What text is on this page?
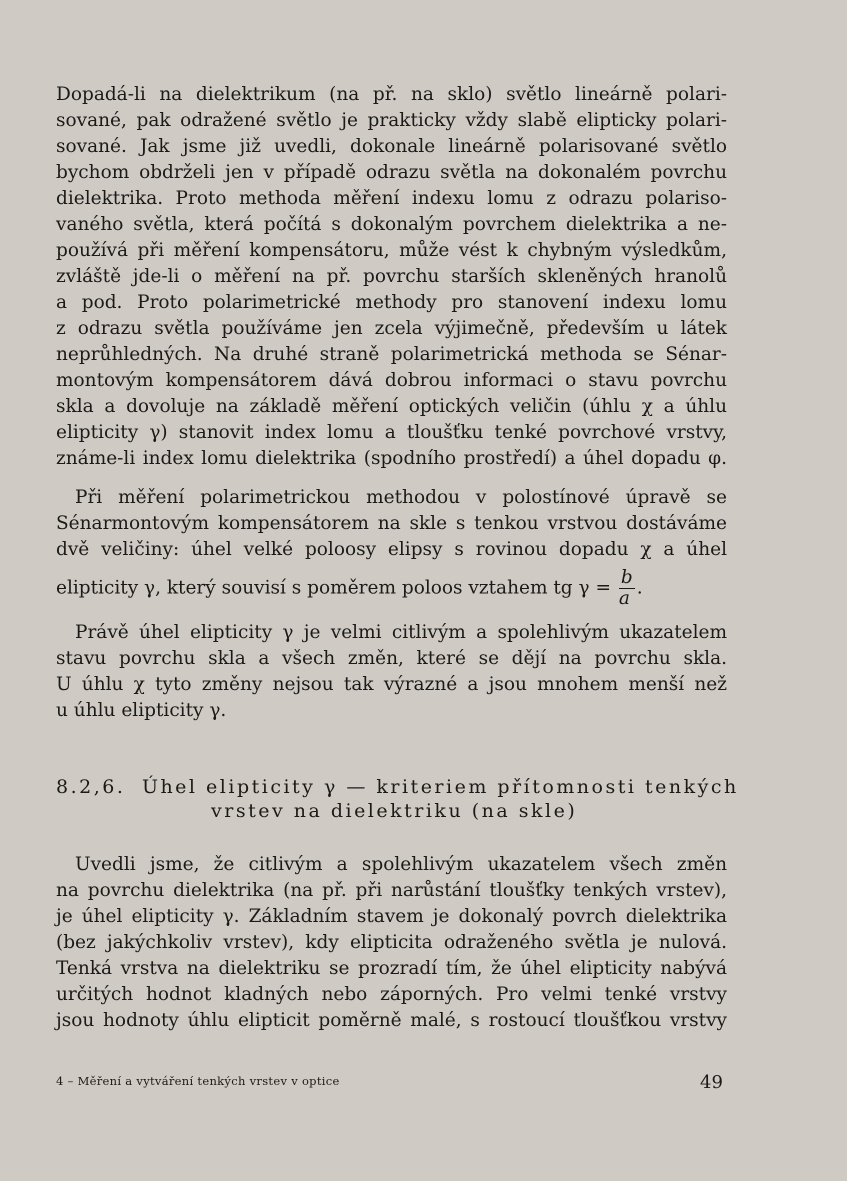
Dopadá-li na dielektrikum (na př. na sklo) světlo lineárně polari-

sované, pak odražené světlo je prakticky vždy slabě elipticky polari-

sované. Jak jsme již uvedli, dokonale lineárně polarisované světlo

bychom obdrželi jen v případě odrazu světla na dokonalém povrchu

dielektrika. Proto methoda měření indexu lomu z odrazu polariso-

vaného světla, která počítá s dokonalým povrchem dielektrika a ne-

používá při měření kompensátoru, může vést k chybným výsledkům,

zvláště jde-li o měření na př. povrchu starších skleněných hranolů

a pod. Proto polarimetrické methody pro stanovení indexu lomu

z odrazu světla používáme jen zcela výjimečně, především u látek

neprůhledných. Na druhé straně polarimetrická methoda se Sénar-

montovým kompensátorem dává dobrou informaci o stavu povrchu

skla a dovoluje na základě měření optických veličin (úhlu χ a úhlu

elipticity γ) stanovit index lomu a tloušťku tenké povrchové vrstvy,

známe-li index lomu dielektrika (spodního prostředí) a úhel dopadu φ.

Při měření polarimetrickou methodou v polostínové úpravě se

Sénarmontovým kompensátorem na skle s tenkou vrstvou dostáváme

dvě veličiny: úhel velké poloosy elipsy s rovinou dopadu χ a úhel

elipticity γ, který souvisí s poměrem poloos vztahem tg $\gamma = \frac{b}{a}$ .

Právě úhel elipticity γ je velmi citlivým a spolehlivým ukazatelem

stavu povrchu skla a všech změn, které se dějí na povrchu skla.

U úhlu χ tyto změny nejsou tak výrazné a jsou mnohem menší než

u úhlu elipticity γ.

8.2,6. Úhel elipticity γ — kriteriem přítomnosti tenkých
vrstev na dielektriku (na skle)

Uvedli jsme, že citlivým a spolehlivým ukazatelem všech změn

na povrchu dielektrika (na př. při narůstání tloušťky tenkých vrstev),

je úhel elipticity γ. Základním stavem je dokonalý povrch dielektrika

(bez jakýchkoliv vrstev), kdy elipticita odraženého světla je nulová.

Tenká vrstva na dielektriku se prozradí tím, že úhel elipticity nabývá

určitých hodnot kladných nebo záporných. Pro velmi tenké vrstvy

jsou hodnoty úhlu elipticit poměrně malé, s rostoucí tloušťkou vrstvy

4 – Měření a vytváření tenkých vrstev v optice	49
